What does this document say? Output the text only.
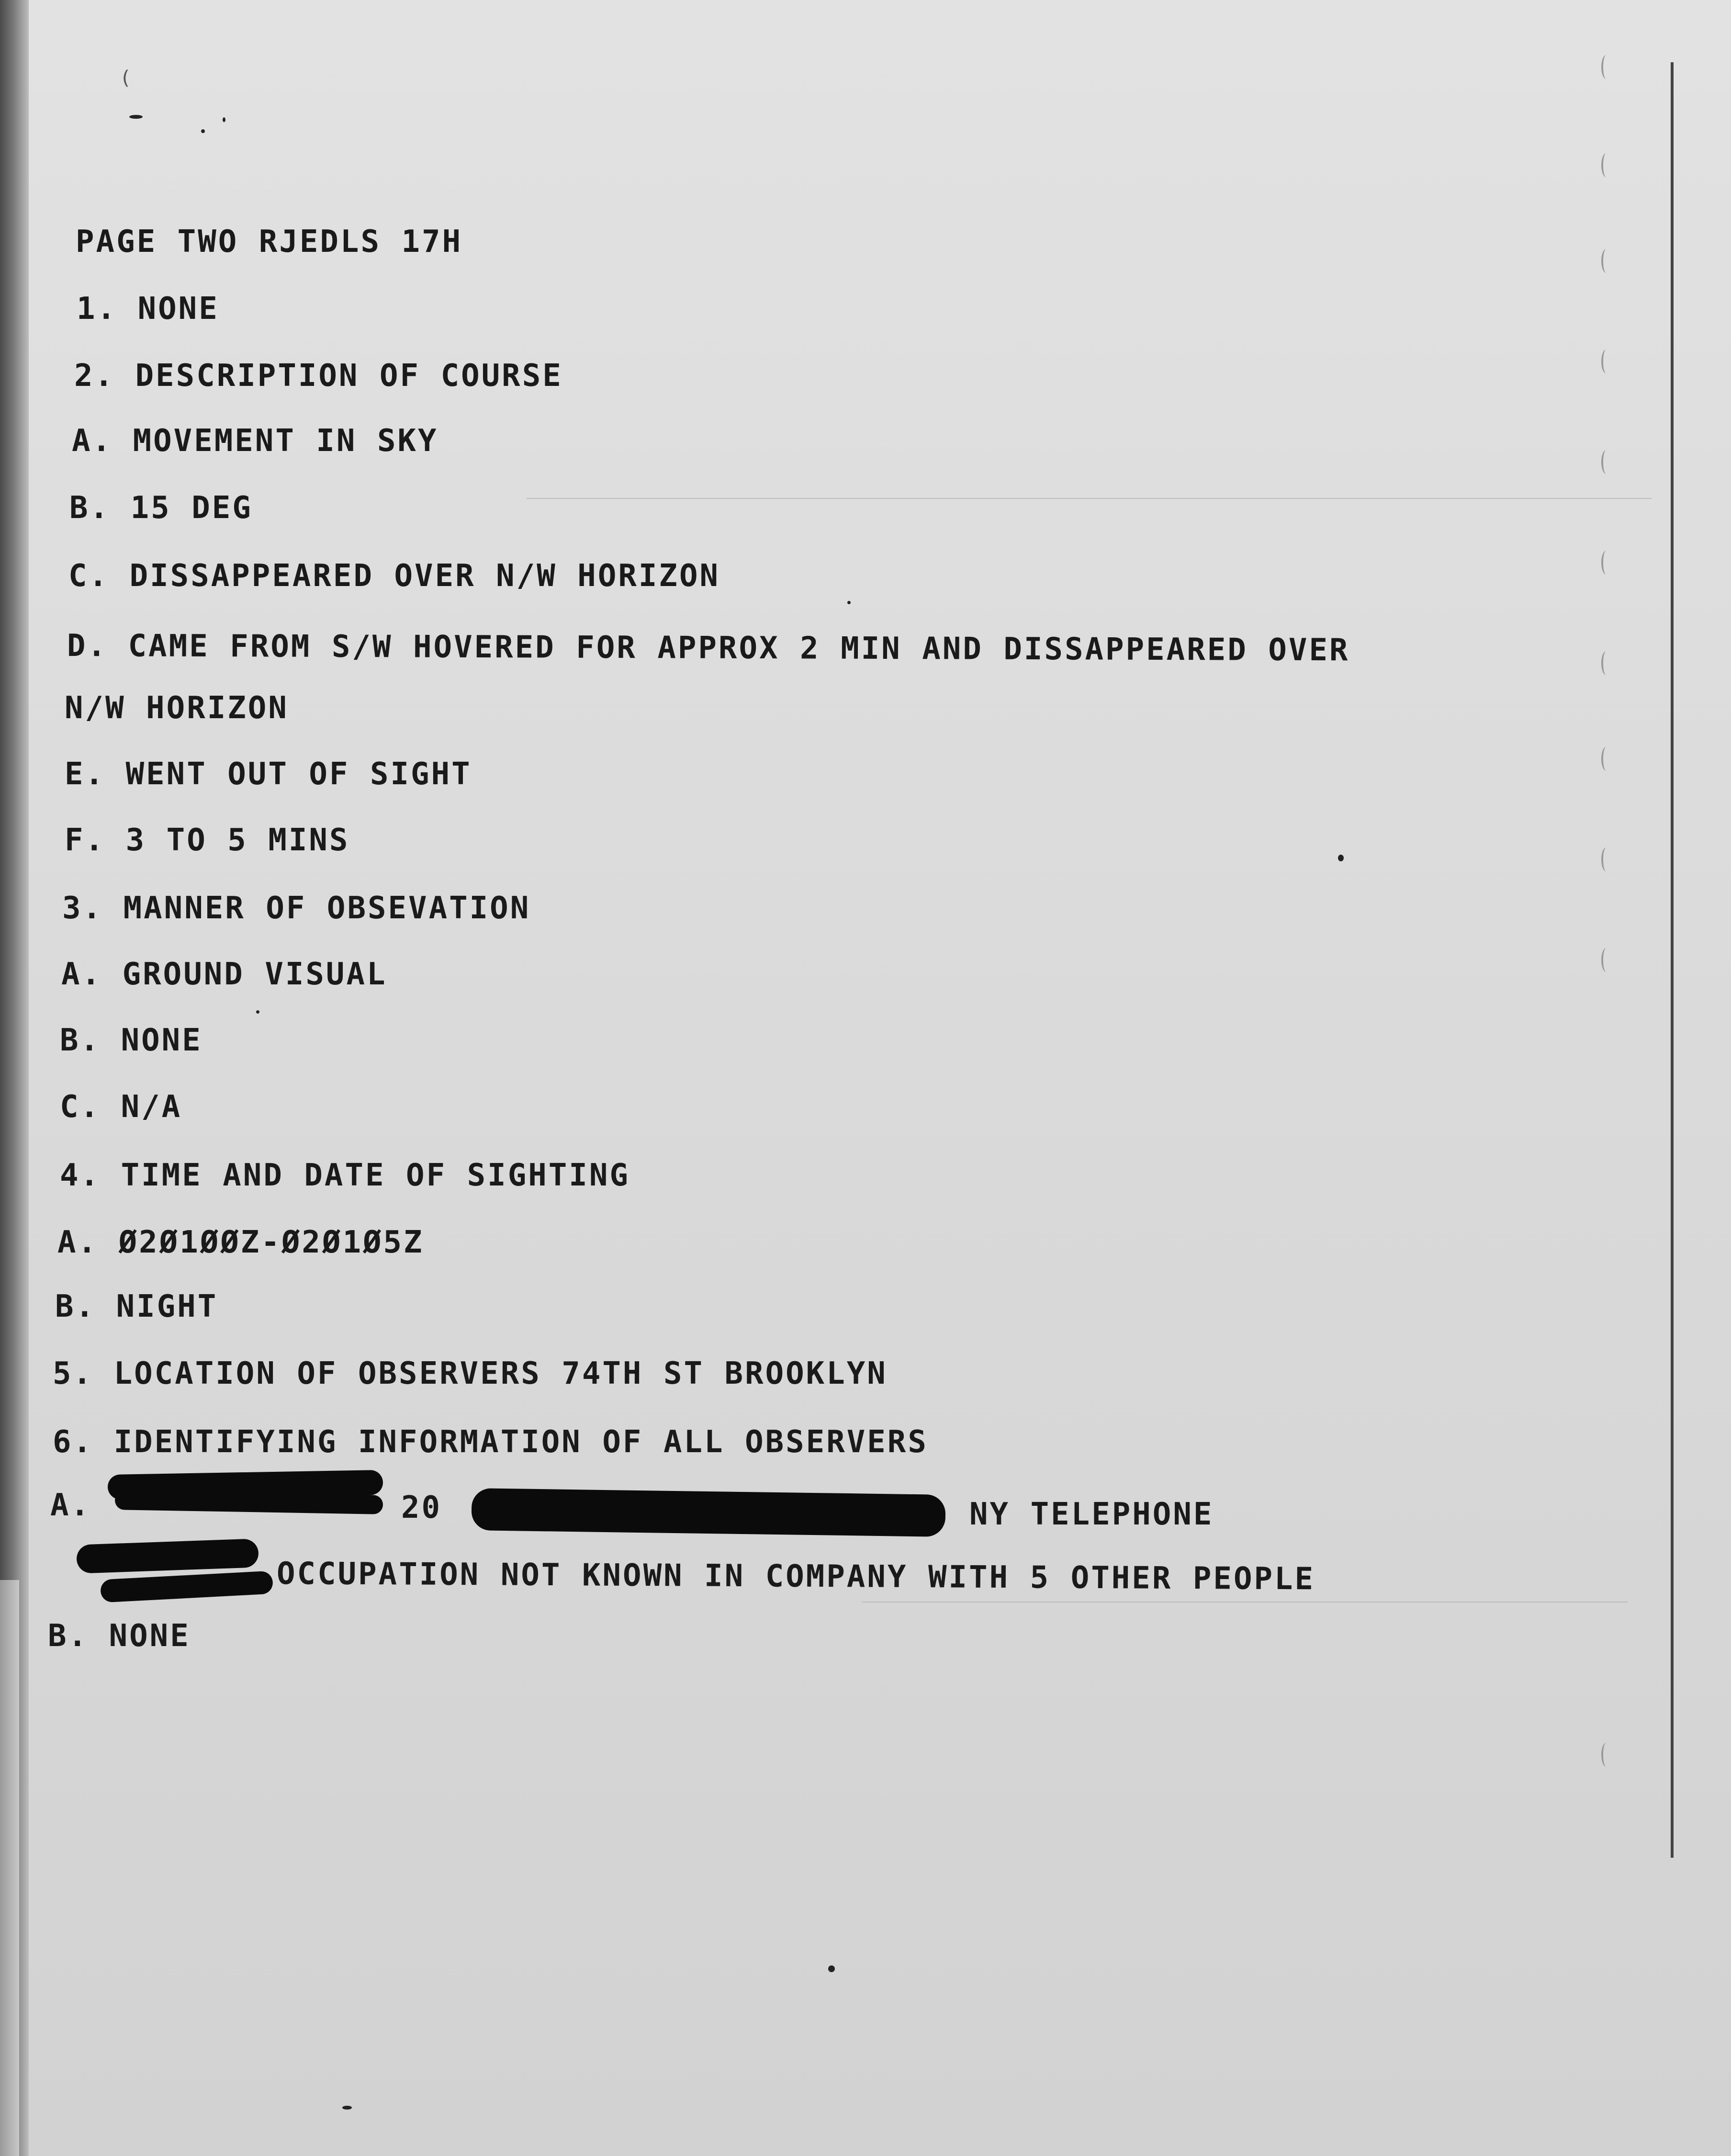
(
PAGE TWO RJEDLS 17H
1. NONE
2. DESCRIPTION OF COURSE
A. MOVEMENT IN SKY
B. 15 DEG
C. DISSAPPEARED OVER N/W HORIZON
D. CAME FROM S/W HOVERED FOR APPROX 2 MIN AND DISSAPPEARED OVER
N/W HORIZON
E. WENT OUT OF SIGHT
F. 3 TO 5 MINS
3. MANNER OF OBSEVATION
A. GROUND VISUAL
B. NONE
C. N/A
4. TIME AND DATE OF SIGHTING
A. Ø2Ø1ØØZ-Ø2Ø1Ø5Z
B. NIGHT
5. LOCATION OF OBSERVERS 74TH ST BROOKLYN
6. IDENTIFYING INFORMATION OF ALL OBSERVERS
A.	20	NY TELEPHONE
OCCUPATION NOT KNOWN IN COMPANY WITH 5 OTHER PEOPLE
B. NONE
